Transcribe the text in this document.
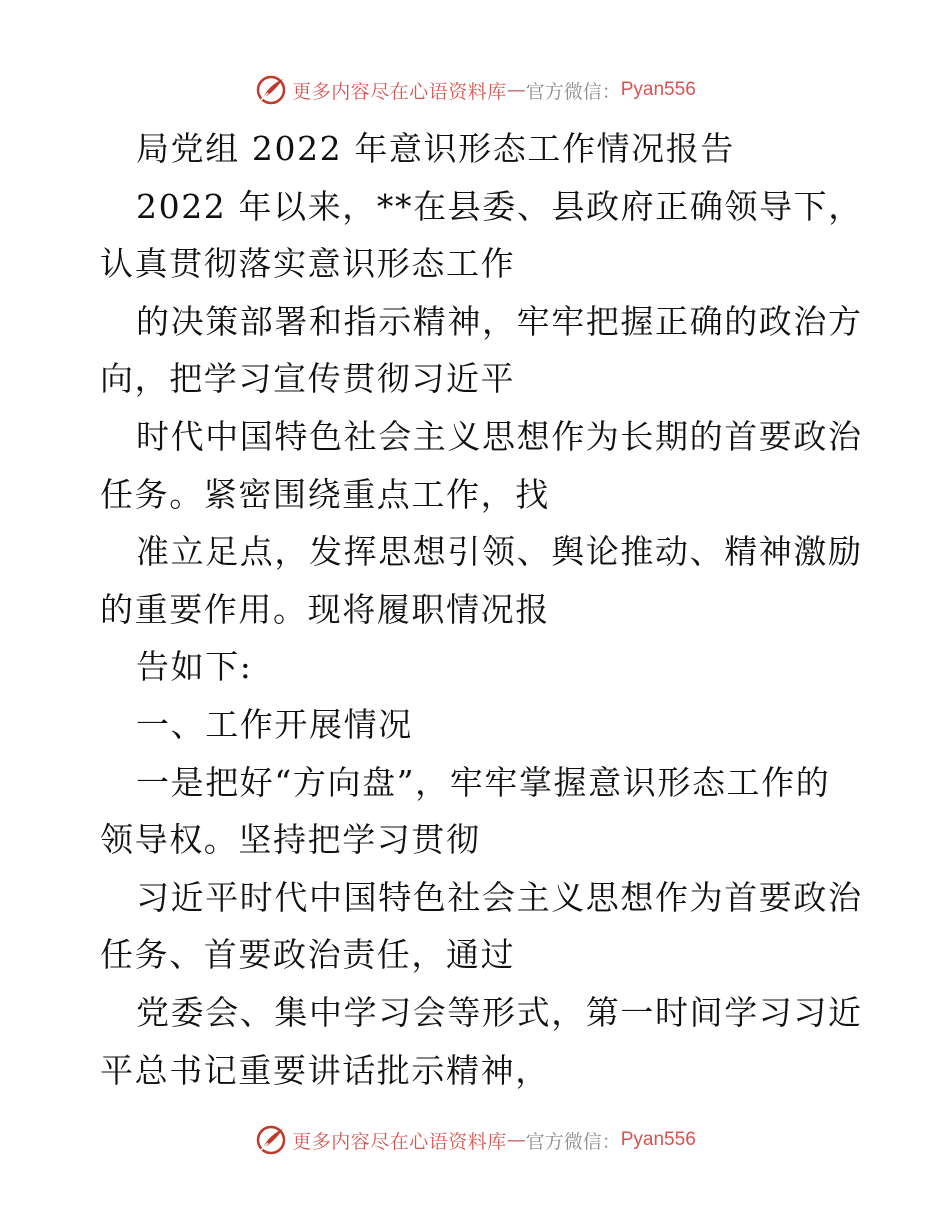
更多内容尽在心语资料库 — 官方微信： Pyan556
局党组 2022 年意识形态工作情况报告
2022 年以来，**在县委、县政府正确领导下，
认真贯彻落实意识形态工作
的决策部署和指示精神，牢牢把握正确的政治方
向，把学习宣传贯彻习近平
时代中国特色社会主义思想作为长期的首要政治
任务。紧密围绕重点工作，找
准立足点，发挥思想引领、舆论推动、精神激励
的重要作用。现将履职情况报
告如下:
一、工作开展情况
一是把好“方向盘”，牢牢掌握意识形态工作的
领导权。坚持把学习贯彻
习近平时代中国特色社会主义思想作为首要政治
任务、首要政治责任，通过
党委会、集中学习会等形式，第一时间学习习近
平总书记重要讲话批示精神，
更多内容尽在心语资料库 — 官方微信： Pyan556
